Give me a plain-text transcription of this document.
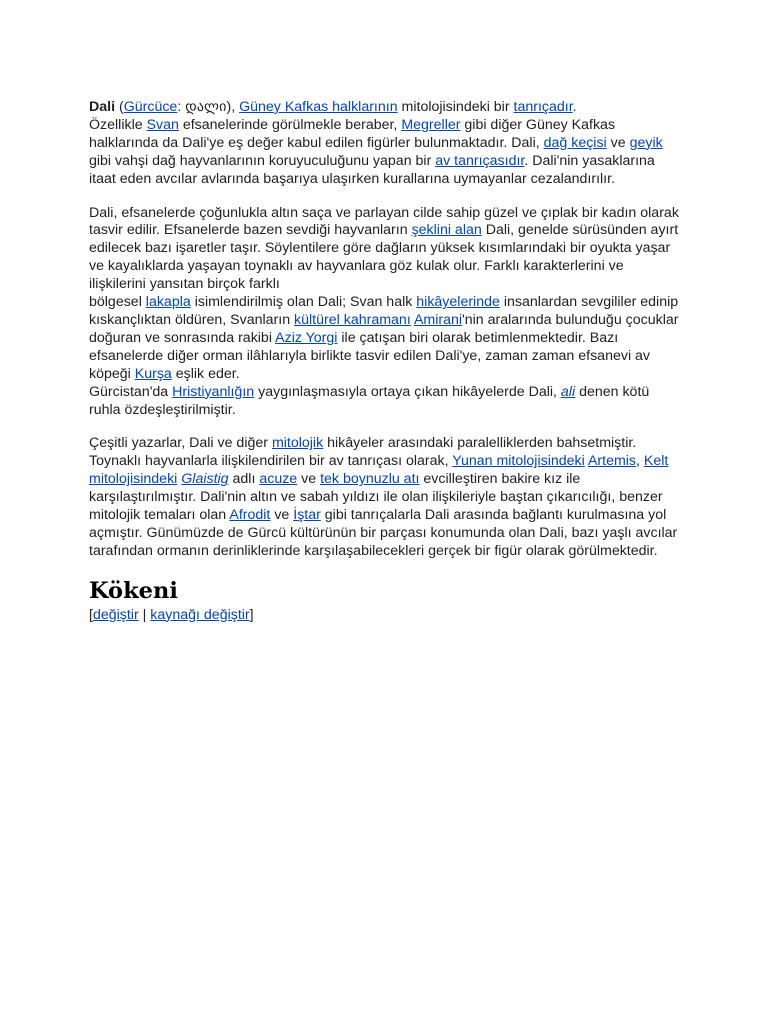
Dali (Gürcüce: დალი), Güney Kafkas halklarının mitolojisindeki bir tanrıçadır.
Özellikle Svan efsanelerinde görülmekle beraber, Megreller gibi diğer Güney Kafkas halklarında da Dali'ye eş değer kabul edilen figürler bulunmaktadır. Dali, dağ keçisi ve geyik gibi vahşi dağ hayvanlarının koruyuculuğunu yapan bir av tanrıçasıdır. Dali'nin yasaklarına itaat eden avcılar avlarında başarıya ulaşırken kurallarına uymayanlar cezalandırılır.

Dali, efsanelerde çoğunlukla altın saça ve parlayan cilde sahip güzel ve çıplak bir kadın olarak tasvir edilir. Efsanelerde bazen sevdiği hayvanların şeklini alan Dali, genelde sürüsünden ayırt edilecek bazı işaretler taşır. Söylentilere göre dağların yüksek kısımlarındaki bir oyukta yaşar ve kayalıklarda yaşayan toynaklı av hayvanlara göz kulak olur. Farklı karakterlerini ve ilişkilerini yansıtan birçok farklı
bölgesel lakapla isimlendirilmiş olan Dali; Svan halk hikâyelerinde insanlardan sevgililer edinip kıskançlıktan öldüren, Svanların kültürel kahramanı Amirani'nin aralarında bulunduğu çocuklar doğuran ve sonrasında rakibi Aziz Yorgi ile çatışan biri olarak betimlenmektedir. Bazı efsanelerde diğer orman ilâhlarıyla birlikte tasvir edilen Dali'ye, zaman zaman efsanevi av köpeği Kurşa eşlik eder.
Gürcistan'da Hristiyanlığın yaygınlaşmasıyla ortaya çıkan hikâyelerde Dali, ali denen kötü ruhla özdeşleştirilmiştir.

Çeşitli yazarlar, Dali ve diğer mitolojik hikâyeler arasındaki paralelliklerden bahsetmiştir. Toynaklı hayvanlarla ilişkilendirilen bir av tanrıçası olarak, Yunan mitolojisindeki Artemis, Kelt mitolojisindeki Glaistig adlı acuze ve tek boynuzlu atı evcilleştiren bakire kız ile karşılaştırılmıştır. Dali'nin altın ve sabah yıldızı ile olan ilişkileriyle baştan çıkarıcılığı, benzer mitolojik temaları olan Afrodit ve İştar gibi tanrıçalarla Dali arasında bağlantı kurulmasına yol açmıştır. Günümüzde de Gürcü kültürünün bir parçası konumunda olan Dali, bazı yaşlı avcılar tarafından ormanın derinliklerinde karşılaşabilecekleri gerçek bir figür olarak görülmektedir.

Kökeni
[değiştir | kaynağı değiştir]
